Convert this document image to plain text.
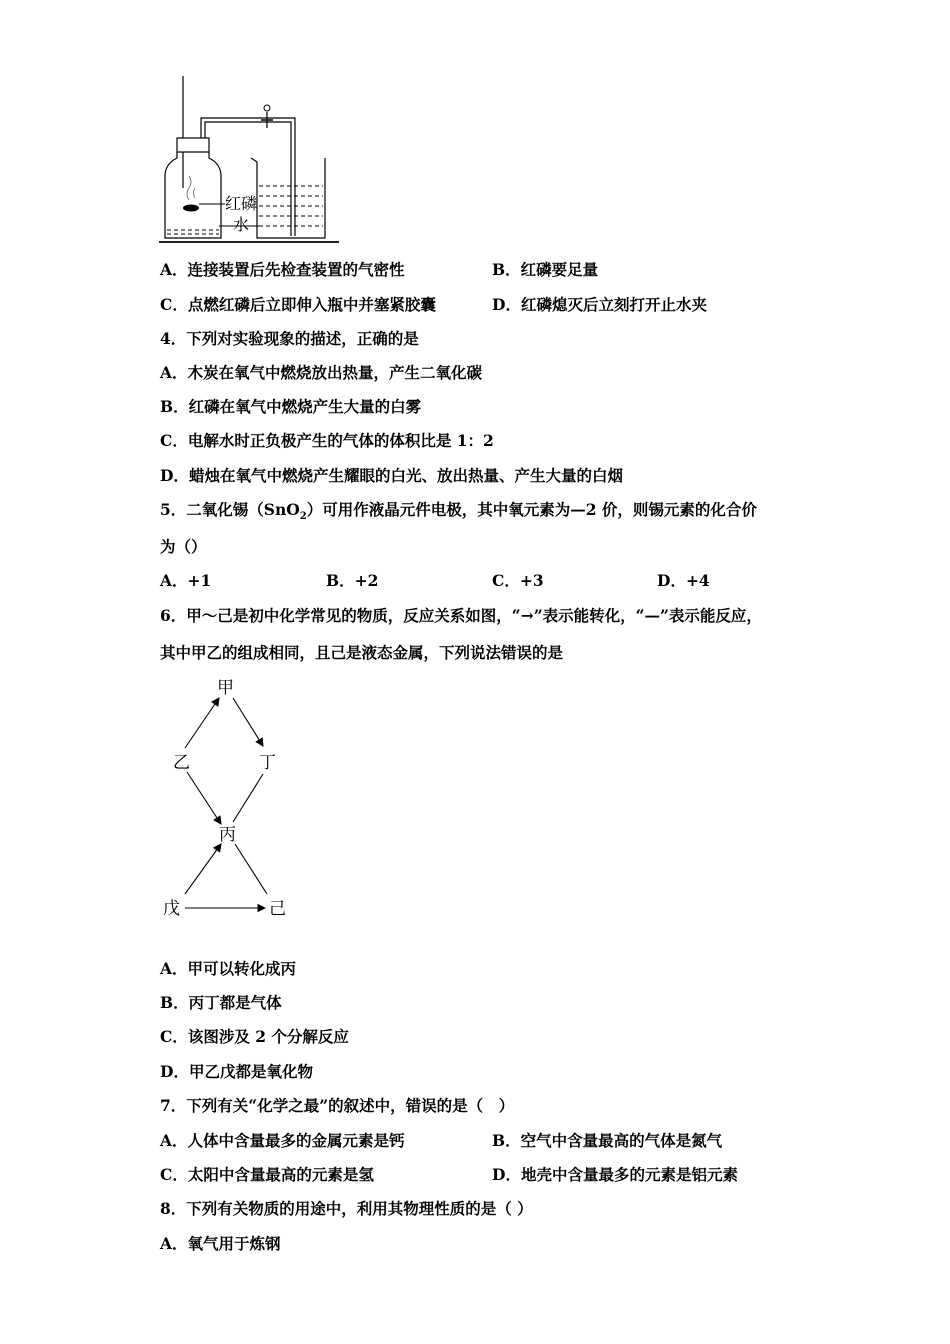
红磷
水
A．连接装置后先检查装置的气密性	B．红磷要足量
C．点燃红磷后立即伸入瓶中并塞紧胶囊	D．红磷熄灭后立刻打开止水夹
4．下列对实验现象的描述，正确的是
A．木炭在氧气中燃烧放出热量，产生二氧化碳
B．红磷在氧气中燃烧产生大量的白雾
C．电解水时正负极产生的气体的体积比是 1：2
D．蜡烛在氧气中燃烧产生耀眼的白光、放出热量、产生大量的白烟
5．二氧化锡（SnO$_2$）可用作液晶元件电极，其中氧元素为—2 价，则锡元素的化合价
为（）
A．+1	B．+2	C．+3	D．+4
6．甲～己是初中化学常见的物质，反应关系如图，“→”表示能转化，“—”表示能反应，
其中甲乙的组成相同，且己是液态金属，下列说法错误的是
甲
乙	丁
丙
戊	己
A．甲可以转化成丙
B．丙丁都是气体
C．该图涉及 2 个分解反应
D．甲乙戊都是氧化物
7．下列有关“化学之最”的叙述中，错误的是（　）
A．人体中含量最多的金属元素是钙	B．空气中含量最高的气体是氮气
C．太阳中含量最高的元素是氢	D．地壳中含量最多的元素是铝元素
8．下列有关物质的用途中，利用其物理性质的是（ ）
A．氧气用于炼钢
